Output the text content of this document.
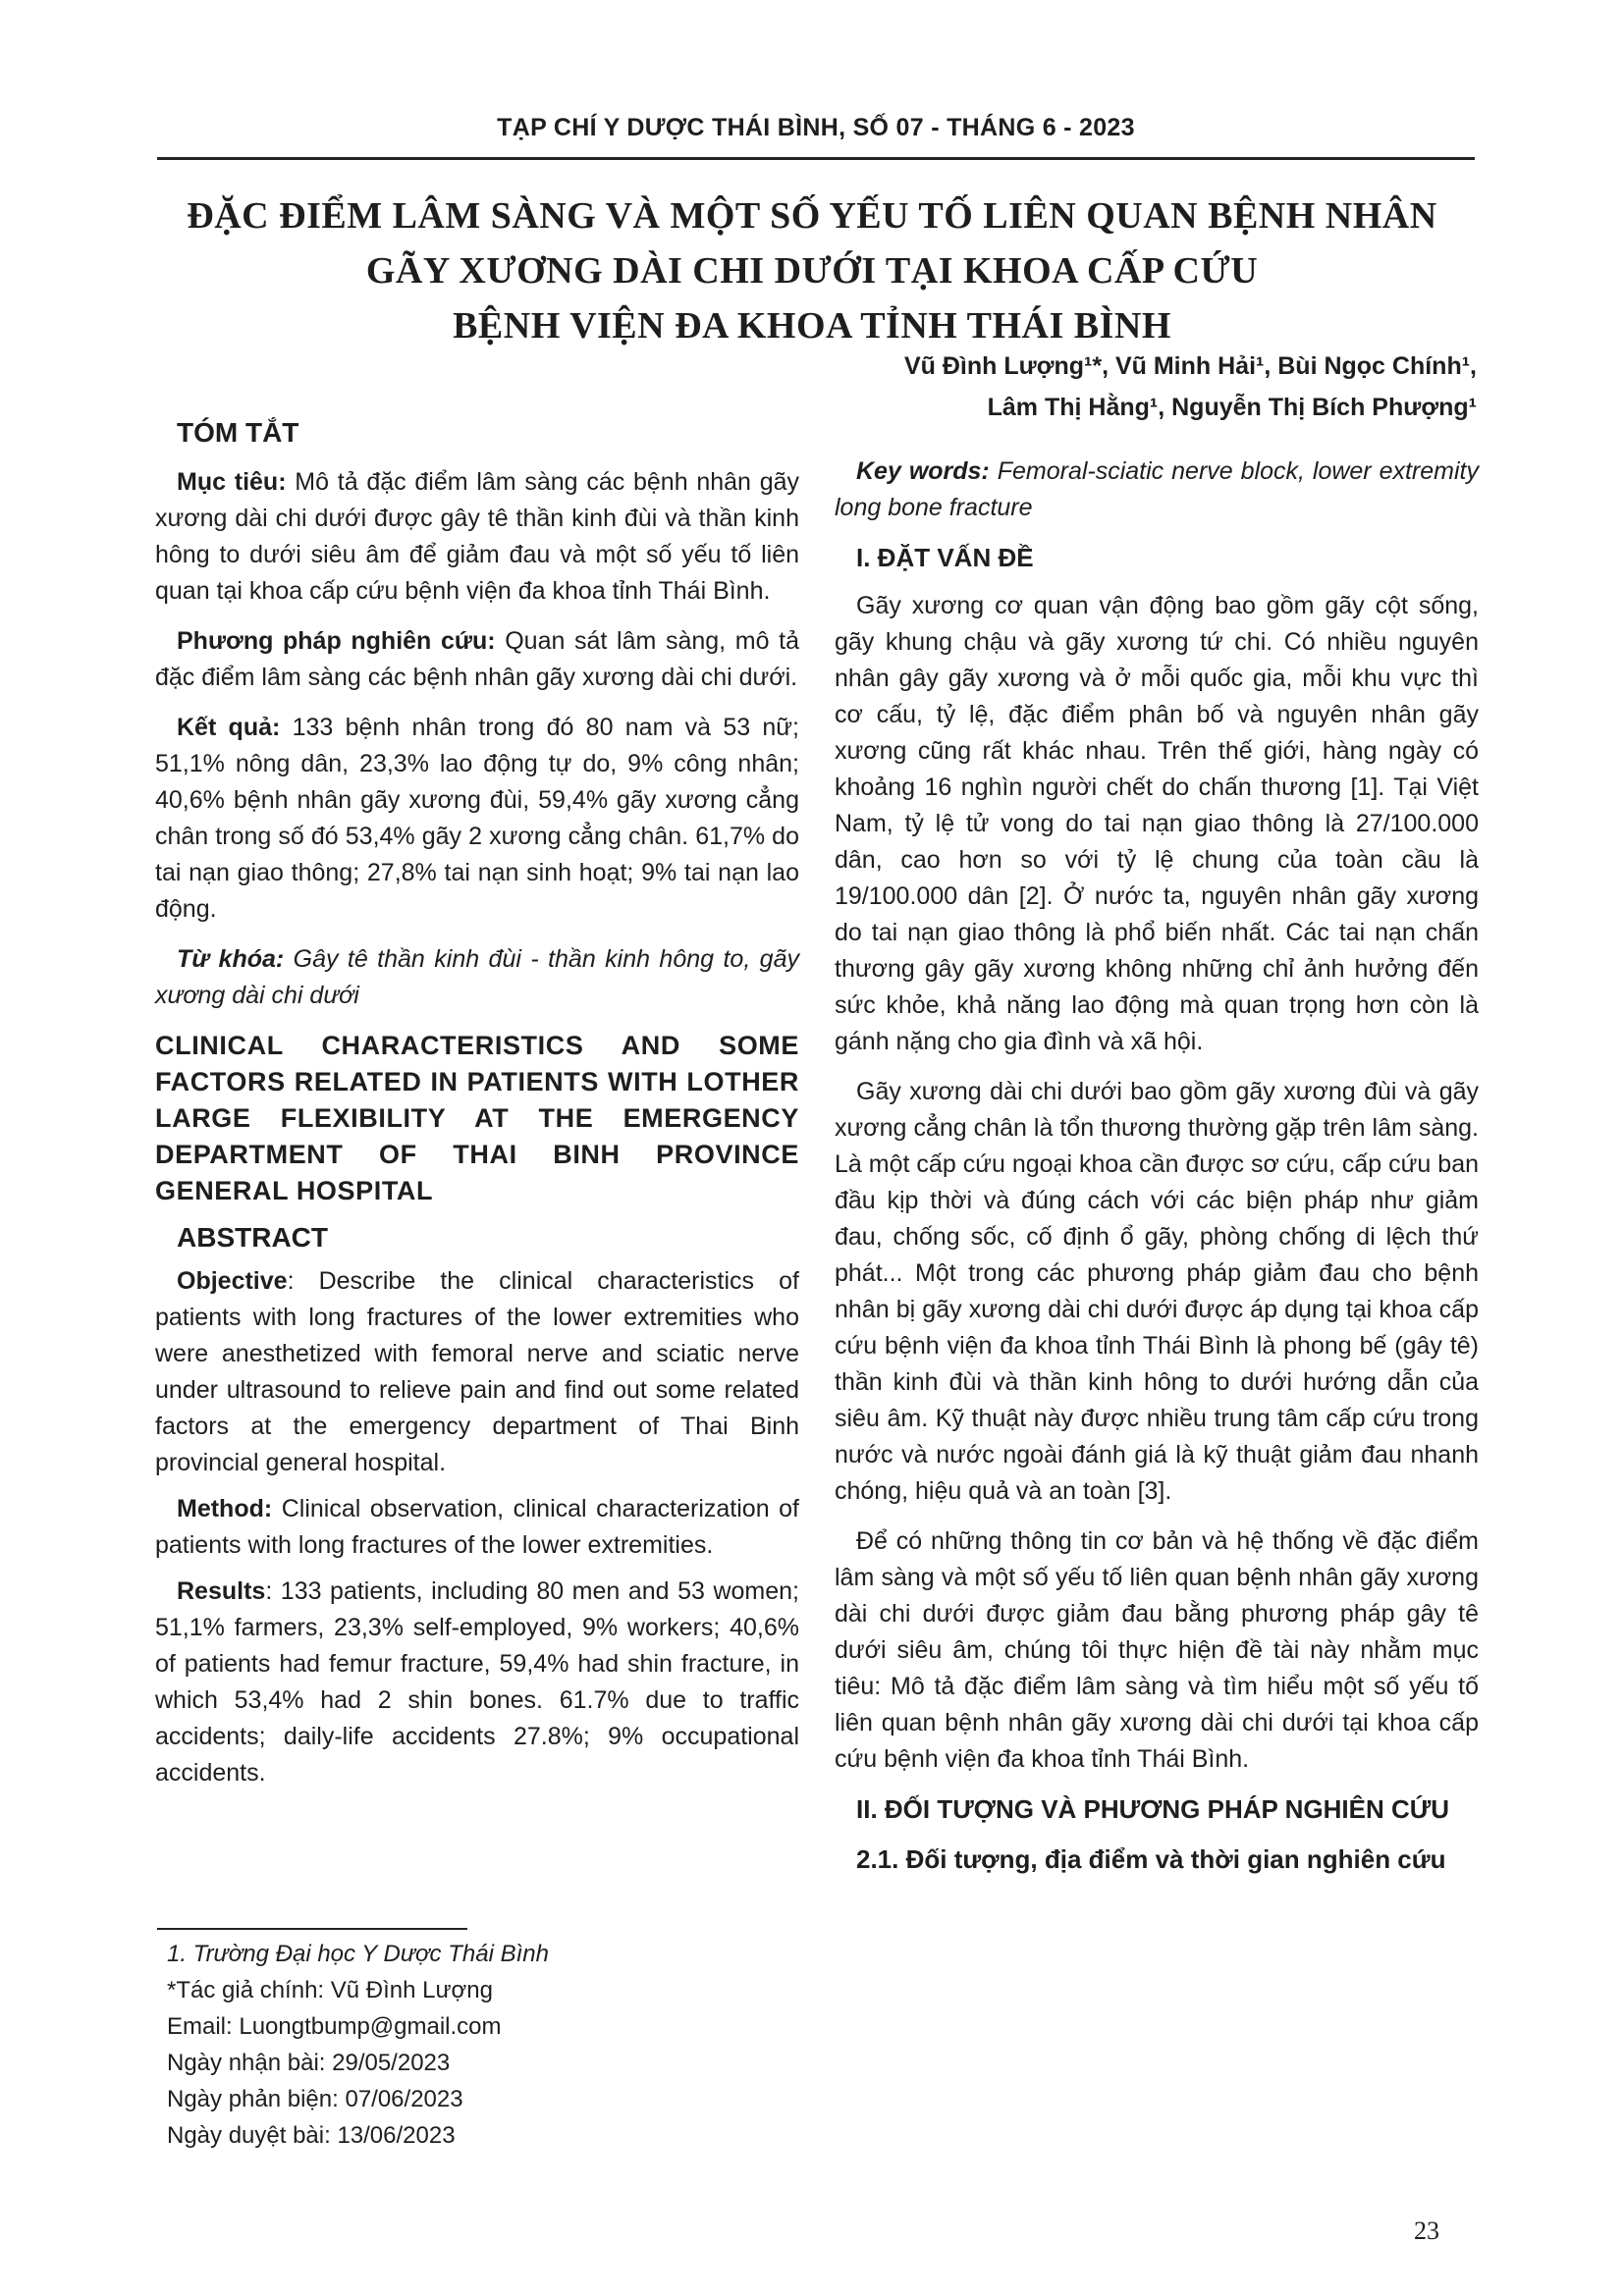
TẠP CHÍ Y DƯỢC THÁI BÌNH, SỐ 07 - THÁNG 6 - 2023
ĐẶC ĐIỂM LÂM SÀNG VÀ MỘT SỐ YẾU TỐ LIÊN QUAN BỆNH NHÂN
GÃY XƯƠNG DÀI CHI DƯỚI TẠI KHOA CẤP CỨU
BỆNH VIỆN ĐA KHOA TỈNH THÁI BÌNH
Vũ Đình Lượng¹*, Vũ Minh Hải¹, Bùi Ngọc Chính¹,
Lâm Thị Hằng¹, Nguyễn Thị Bích Phượng¹
TÓM TẮT

Mục tiêu: Mô tả đặc điểm lâm sàng các bệnh nhân gãy xương dài chi dưới được gây tê thần kinh đùi và thần kinh hông to dưới siêu âm để giảm đau và một số yếu tố liên quan tại khoa cấp cứu bệnh viện đa khoa tỉnh Thái Bình.

Phương pháp nghiên cứu: Quan sát lâm sàng, mô tả đặc điểm lâm sàng các bệnh nhân gãy xương dài chi dưới.

Kết quả: 133 bệnh nhân trong đó 80 nam và 53 nữ; 51,1% nông dân, 23,3% lao động tự do, 9% công nhân; 40,6% bệnh nhân gãy xương đùi, 59,4% gãy xương cẳng chân trong số đó 53,4% gãy 2 xương cẳng chân. 61,7% do tai nạn giao thông; 27,8% tai nạn sinh hoạt; 9% tai nạn lao động.

Từ khóa: Gây tê thần kinh đùi - thần kinh hông to, gãy xương dài chi dưới

CLINICAL CHARACTERISTICS AND SOME FACTORS RELATED IN PATIENTS WITH LOTHER LARGE FLEXIBILITY AT THE EMERGENCY DEPARTMENT OF THAI BINH PROVINCE GENERAL HOSPITAL
ABSTRACT

Objective: Describe the clinical characteristics of patients with long fractures of the lower extremities who were anesthetized with femoral nerve and sciatic nerve under ultrasound to relieve pain and find out some related factors at the emergency department of Thai Binh provincial general hospital.

Method: Clinical observation, clinical characterization of patients with long fractures of the lower extremities.

Results: 133 patients, including 80 men and 53 women; 51,1% farmers, 23,3% self-employed, 9% workers; 40,6% of patients had femur fracture, 59,4% had shin fracture, in which 53,4% had 2 shin bones. 61.7% due to traffic accidents; daily-life accidents 27.8%; 9% occupational accidents.

Key words: Femoral-sciatic nerve block, lower extremity long bone fracture

I. ĐẶT VẤN ĐỀ

Gãy xương cơ quan vận động bao gồm gãy cột sống, gãy khung chậu và gãy xương tứ chi. Có nhiều nguyên nhân gây gãy xương và ở mỗi quốc gia, mỗi khu vực thì cơ cấu, tỷ lệ, đặc điểm phân bố và nguyên nhân gãy xương cũng rất khác nhau. Trên thế giới, hàng ngày có khoảng 16 nghìn người chết do chấn thương [1]. Tại Việt Nam, tỷ lệ tử vong do tai nạn giao thông là 27/100.000 dân, cao hơn so với tỷ lệ chung của toàn cầu là 19/100.000 dân [2]. Ở nước ta, nguyên nhân gãy xương do tai nạn giao thông là phổ biến nhất. Các tai nạn chấn thương gây gãy xương không những chỉ ảnh hưởng đến sức khỏe, khả năng lao động mà quan trọng hơn còn là gánh nặng cho gia đình và xã hội.

Gãy xương dài chi dưới bao gồm gãy xương đùi và gãy xương cẳng chân là tổn thương thường gặp trên lâm sàng. Là một cấp cứu ngoại khoa cần được sơ cứu, cấp cứu ban đầu kịp thời và đúng cách với các biện pháp như giảm đau, chống sốc, cố định ổ gãy, phòng chống di lệch thứ phát... Một trong các phương pháp giảm đau cho bệnh nhân bị gãy xương dài chi dưới được áp dụng tại khoa cấp cứu bệnh viện đa khoa tỉnh Thái Bình là phong bế (gây tê) thần kinh đùi và thần kinh hông to dưới hướng dẫn của siêu âm. Kỹ thuật này được nhiều trung tâm cấp cứu trong nước và nước ngoài đánh giá là kỹ thuật giảm đau nhanh chóng, hiệu quả và an toàn [3].

Để có những thông tin cơ bản và hệ thống về đặc điểm lâm sàng và một số yếu tố liên quan bệnh nhân gãy xương dài chi dưới được giảm đau bằng phương pháp gây tê dưới siêu âm, chúng tôi thực hiện đề tài này nhằm mục tiêu: Mô tả đặc điểm lâm sàng và tìm hiểu một số yếu tố liên quan bệnh nhân gãy xương dài chi dưới tại khoa cấp cứu bệnh viện đa khoa tỉnh Thái Bình.

II. ĐỐI TƯỢNG VÀ PHƯƠNG PHÁP NGHIÊN CỨU
2.1. Đối tượng, địa điểm và thời gian nghiên cứu
1. Trường Đại học Y Dược Thái Bình
*Tác giả chính: Vũ Đình Lượng
Email: Luongtbump@gmail.com
Ngày nhận bài: 29/05/2023
Ngày phản biện: 07/06/2023
Ngày duyệt bài: 13/06/2023
23
